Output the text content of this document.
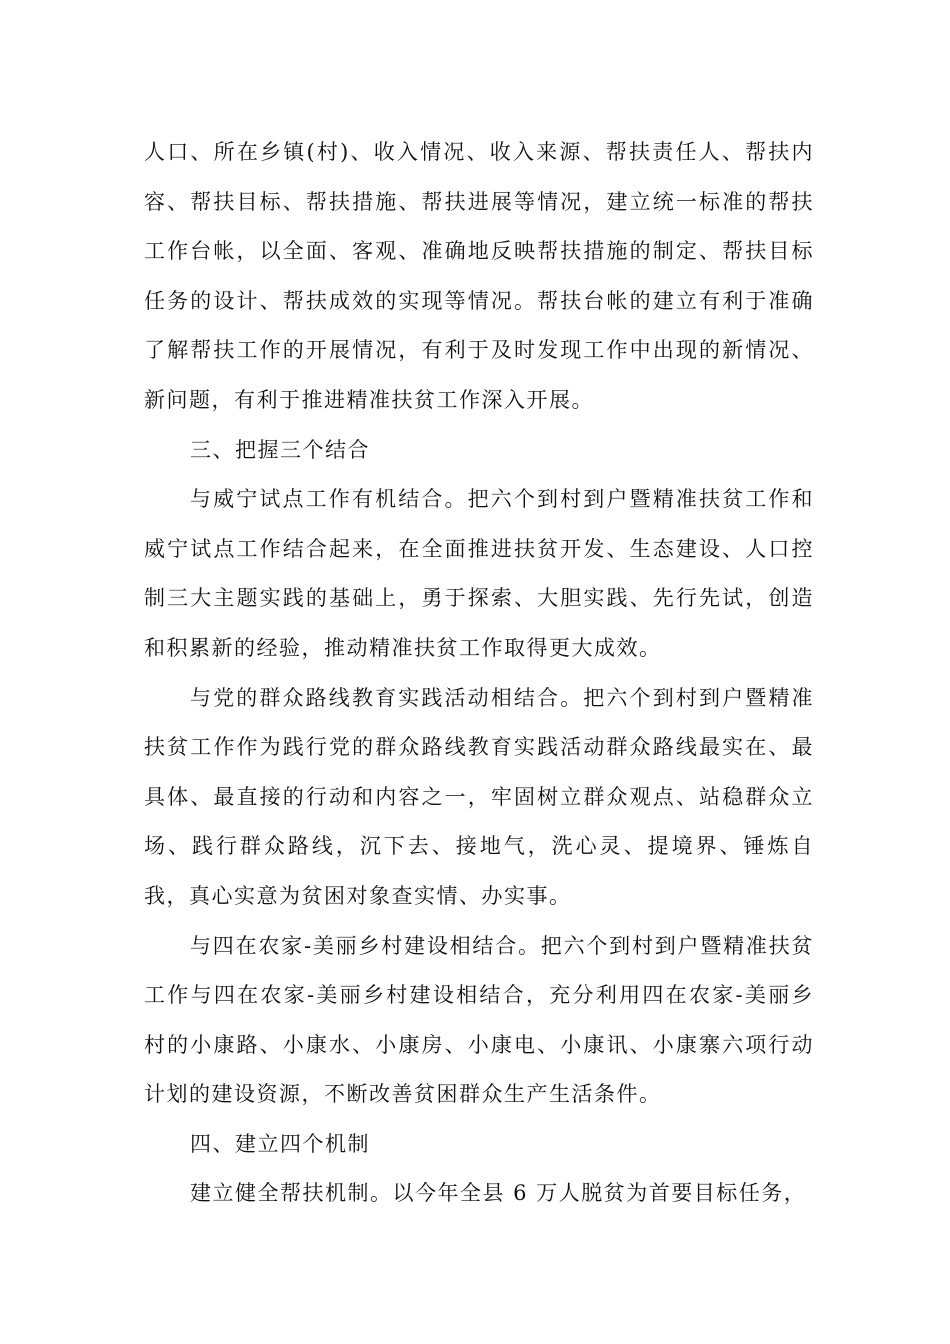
人口、所在乡镇(村)、收入情况、收入来源、帮扶责任人、帮扶内
容、帮扶目标、帮扶措施、帮扶进展等情况，建立统一标准的帮扶
工作台帐，以全面、客观、准确地反映帮扶措施的制定、帮扶目标
任务的设计、帮扶成效的实现等情况。帮扶台帐的建立有利于准确
了解帮扶工作的开展情况，有利于及时发现工作中出现的新情况、
新问题，有利于推进精准扶贫工作深入开展。
三、把握三个结合
与威宁试点工作有机结合。把六个到村到户暨精准扶贫工作和
威宁试点工作结合起来，在全面推进扶贫开发、生态建设、人口控
制三大主题实践的基础上，勇于探索、大胆实践、先行先试，创造
和积累新的经验，推动精准扶贫工作取得更大成效。
与党的群众路线教育实践活动相结合。把六个到村到户暨精准
扶贫工作作为践行党的群众路线教育实践活动群众路线最实在、最
具体、最直接的行动和内容之一，牢固树立群众观点、站稳群众立
场、践行群众路线，沉下去、接地气，洗心灵、提境界、锤炼自
我，真心实意为贫困对象查实情、办实事。
与四在农家-美丽乡村建设相结合。把六个到村到户暨精准扶贫
工作与四在农家-美丽乡村建设相结合，充分利用四在农家-美丽乡
村的小康路、小康水、小康房、小康电、小康讯、小康寨六项行动
计划的建设资源，不断改善贫困群众生产生活条件。
四、建立四个机制
建立健全帮扶机制。以今年全县 6 万人脱贫为首要目标任务，
